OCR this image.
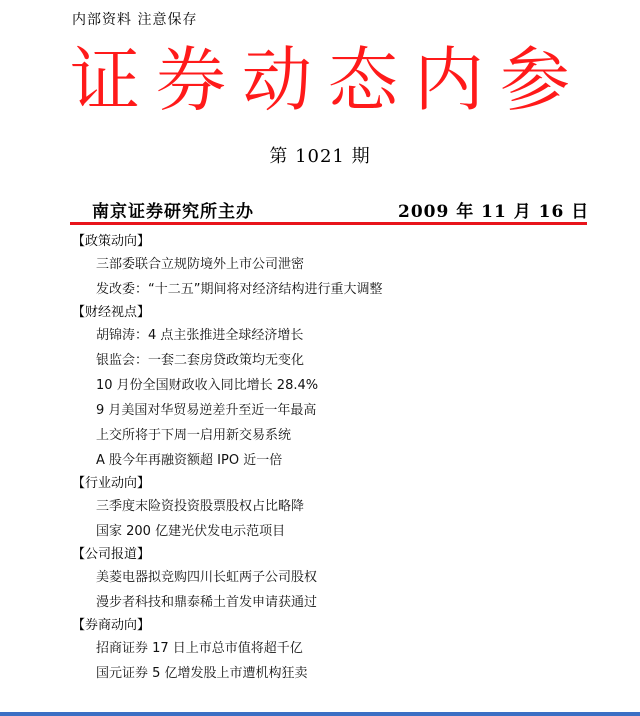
内部资料 注意保存
证券动态内参
第 1021 期
南京证券研究所主办	2009 年 11 月 16 日
【政策动向】
三部委联合立规防境外上市公司泄密
发改委：“十二五”期间将对经济结构进行重大调整
【财经视点】
胡锦涛：4 点主张推进全球经济增长
银监会：一套二套房贷政策均无变化
10 月份全国财政收入同比增长 28.4%
9 月美国对华贸易逆差升至近一年最高
上交所将于下周一启用新交易系统
A 股今年再融资额超 IPO 近一倍
【行业动向】
三季度末险资投资股票股权占比略降
国家 200 亿建光伏发电示范项目
【公司报道】
美菱电器拟竞购四川长虹两子公司股权
漫步者科技和鼎泰稀土首发申请获通过
【券商动向】
招商证券 17 日上市总市值将超千亿
国元证券 5 亿增发股上市遭机构狂卖
